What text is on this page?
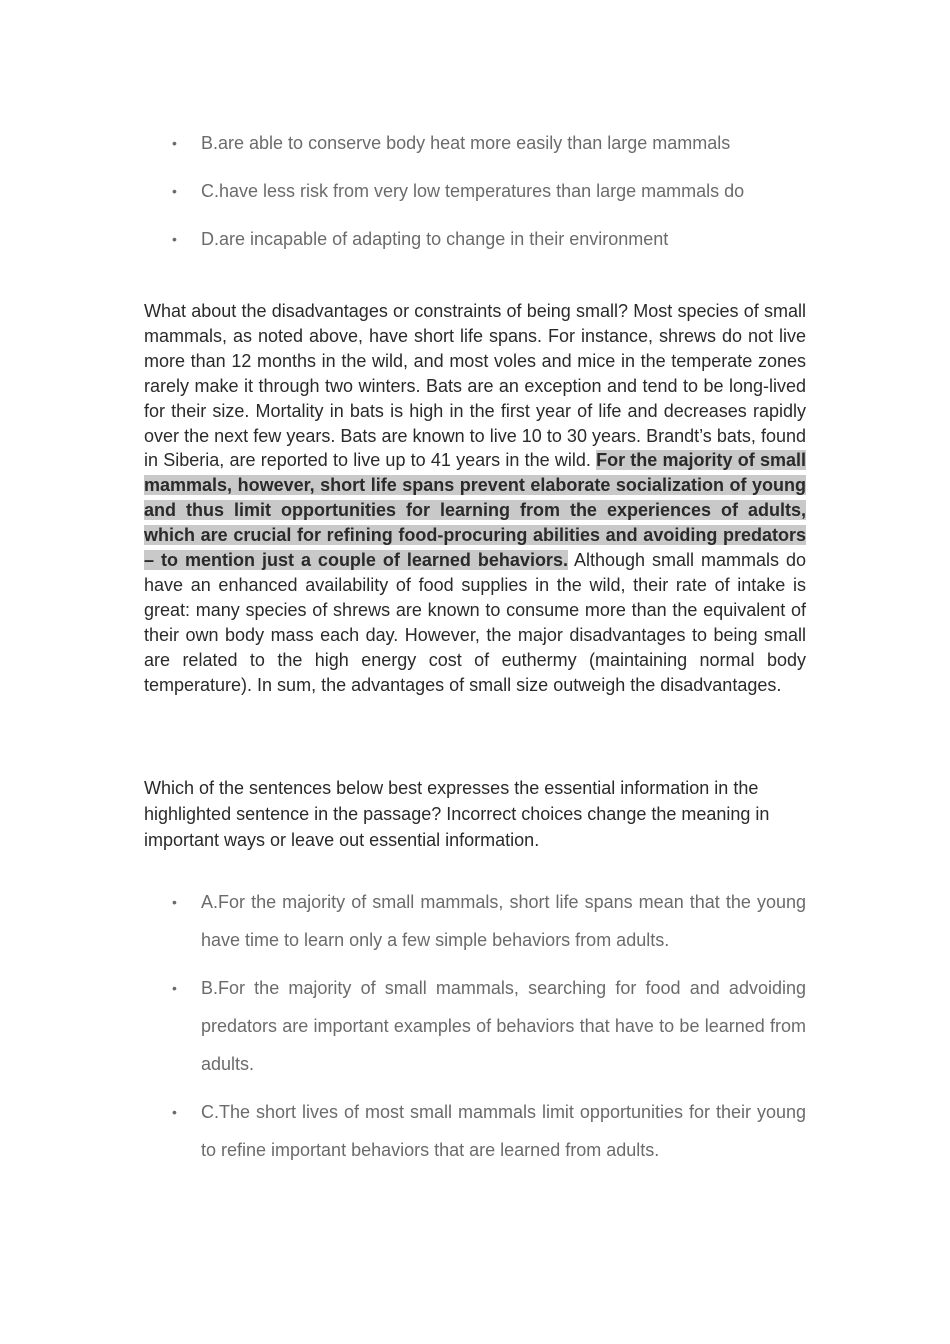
• B.are able to conserve body heat more easily than large mammals
• C.have less risk from very low temperatures than large mammals do
• D.are incapable of adapting to change in their environment

What about the disadvantages or constraints of being small? Most species of small mammals, as noted above, have short life spans. For instance, shrews do not live more than 12 months in the wild, and most voles and mice in the temperate zones rarely make it through two winters. Bats are an exception and tend to be long-lived for their size. Mortality in bats is high in the first year of life and decreases rapidly over the next few years. Bats are known to live 10 to 30 years. Brandt’s bats, found in Siberia, are reported to live up to 41 years in the wild. For the majority of small mammals, however, short life spans prevent elaborate socialization of young and thus limit opportunities for learning from the experiences of adults, which are crucial for refining food-procuring abilities and avoiding predators – to mention just a couple of learned behaviors. Although small mammals do have an enhanced availability of food supplies in the wild, their rate of intake is great: many species of shrews are known to consume more than the equivalent of their own body mass each day. However, the major disadvantages to being small are related to the high energy cost of euthermy (maintaining normal body temperature). In sum, the advantages of small size outweigh the disadvantages.

Which of the sentences below best expresses the essential information in the highlighted sentence in the passage? Incorrect choices change the meaning in important ways or leave out essential information.

• A.For the majority of small mammals, short life spans mean that the young have time to learn only a few simple behaviors from adults.
• B.For the majority of small mammals, searching for food and advoiding predators are important examples of behaviors that have to be learned from adults.
• C.The short lives of most small mammals limit opportunities for their young to refine important behaviors that are learned from adults.
